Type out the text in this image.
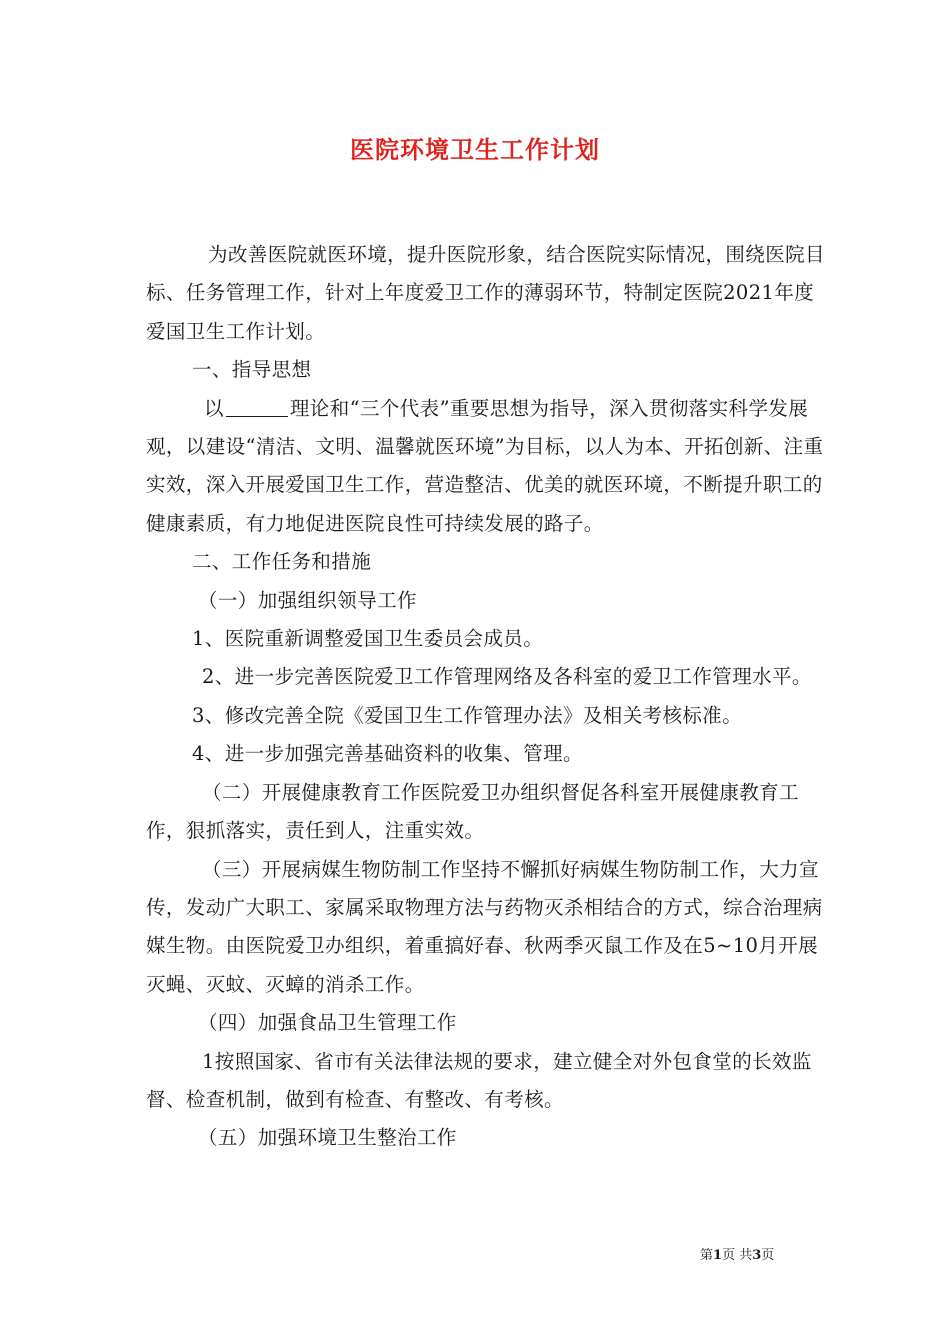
医院环境卫生工作计划

为改善医院就医环境，提升医院形象，结合医院实际情况，围绕医院目标、任务管理工作，针对上年度爱卫工作的薄弱环节，特制定医院2021年度爱国卫生工作计划。

一、指导思想

以	理论和“三个代表”重要思想为指导，深入贯彻落实科学发展观，以建设“清洁、文明、温馨就医环境”为目标，以人为本、开拓创新、注重实效，深入开展爱国卫生工作，营造整洁、优美的就医环境，不断提升职工的健康素质，有力地促进医院良性可持续发展的路子。

二、工作任务和措施

（一）加强组织领导工作

1、医院重新调整爱国卫生委员会成员。

2、进一步完善医院爱卫工作管理网络及各科室的爱卫工作管理水平。

3、修改完善全院《爱国卫生工作管理办法》及相关考核标准。

4、进一步加强完善基础资料的收集、管理。

（二）开展健康教育工作医院爱卫办组织督促各科室开展健康教育工作，狠抓落实，责任到人，注重实效。

（三）开展病媒生物防制工作坚持不懈抓好病媒生物防制工作，大力宣传，发动广大职工、家属采取物理方法与药物灭杀相结合的方式，综合治理病媒生物。由医院爱卫办组织，着重搞好春、秋两季灭鼠工作及在5~10月开展灭蝇、灭蚊、灭蟑的消杀工作。

（四）加强食品卫生管理工作

1按照国家、省市有关法律法规的要求，建立健全对外包食堂的长效监督、检查机制，做到有检查、有整改、有考核。

（五）加强环境卫生整治工作

第1页 共3页
